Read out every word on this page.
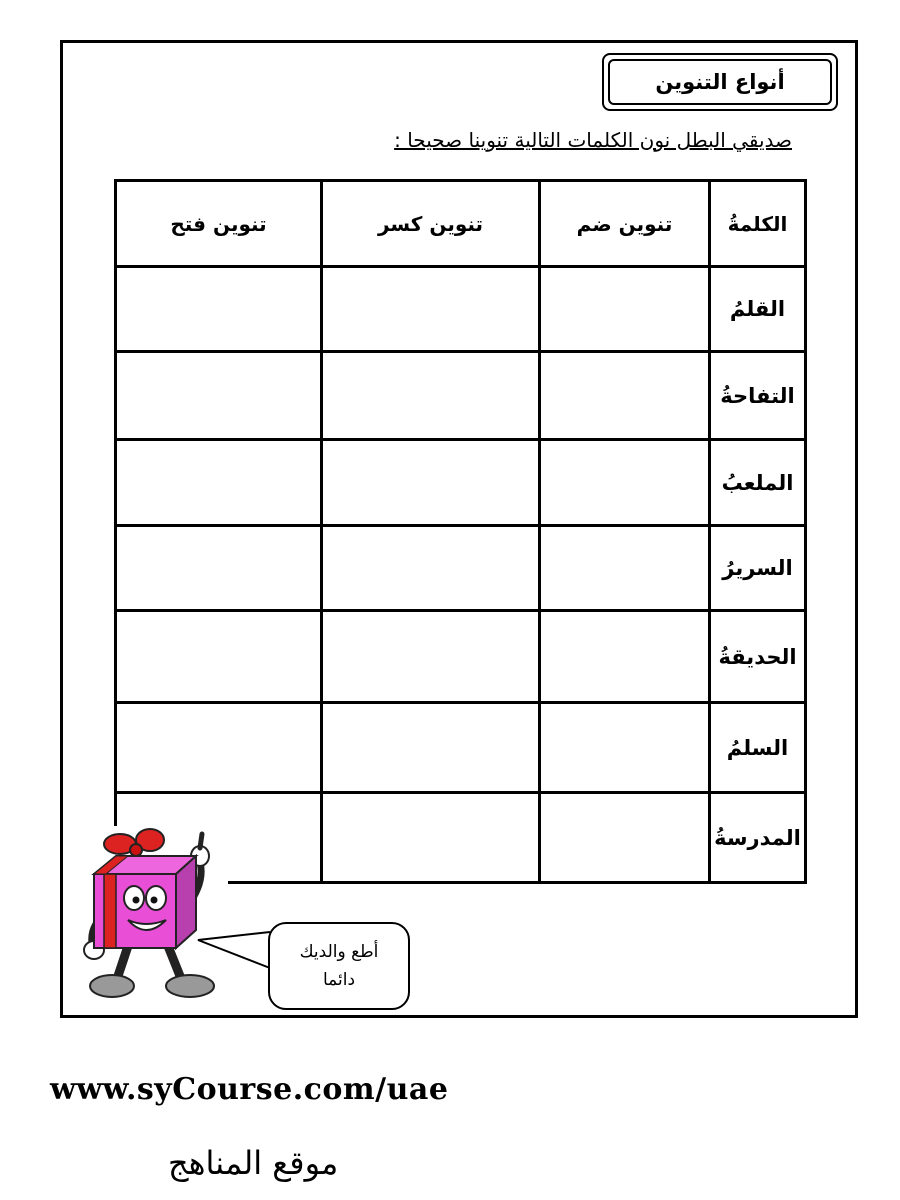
أنواع التنوين
صديقي البطل نون الكلمات التالية تنوينا صحيحا :
الكلمةُ	تنوين ضم	تنوين كسر	تنوين فتح
القلمُ			
التفاحةُ			
الملعبُ			
السريرُ			
الحديقةُ			
السلمُ			
المدرسةُ			
أطع والديك
دائما
www.syCourse.com/uae
موقع المناهج
